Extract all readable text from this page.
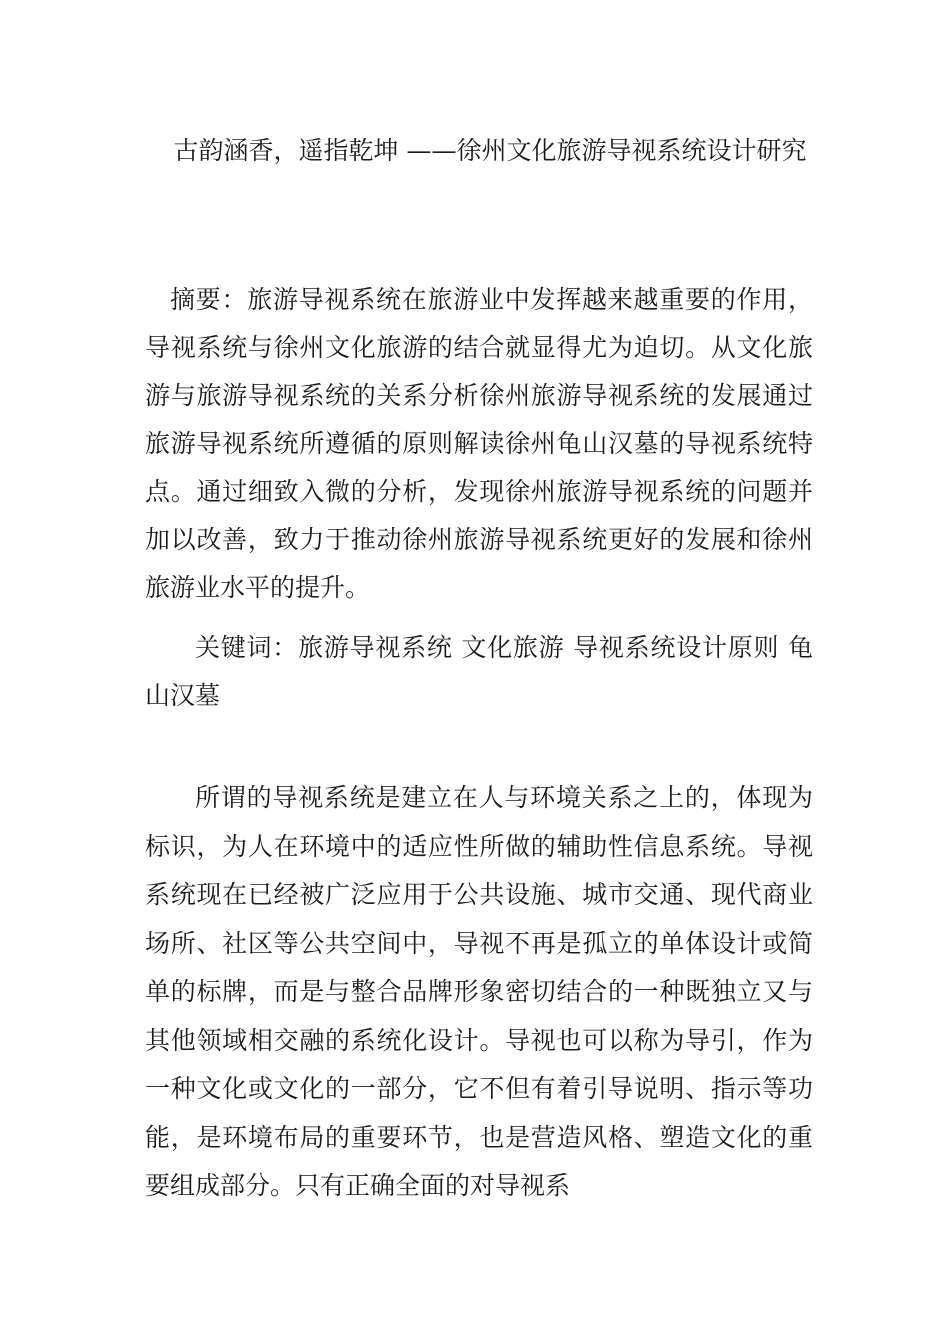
古韵涵香，遥指乾坤 ——徐州文化旅游导视系统设计研究
摘要：旅游导视系统在旅游业中发挥越来越重要的作用，导视系统与徐州文化旅游的结合就显得尤为迫切。从文化旅游与旅游导视系统的关系分析徐州旅游导视系统的发展通过旅游导视系统所遵循的原则解读徐州龟山汉墓的导视系统特点。通过细致入微的分析，发现徐州旅游导视系统的问题并加以改善，致力于推动徐州旅游导视系统更好的发展和徐州旅游业水平的提升。
关键词：旅游导视系统 文化旅游 导视系统设计原则 龟山汉墓
所谓的导视系统是建立在人与环境关系之上的，体现为标识，为人在环境中的适应性所做的辅助性信息系统。导视系统现在已经被广泛应用于公共设施、城市交通、现代商业场所、社区等公共空间中，导视不再是孤立的单体设计或简单的标牌，而是与整合品牌形象密切结合的一种既独立又与其他领域相交融的系统化设计。导视也可以称为导引，作为一种文化或文化的一部分，它不但有着引导说明、指示等功能，是环境布局的重要环节，也是营造风格、塑造文化的重要组成部分。只有正确全面的对导视系
